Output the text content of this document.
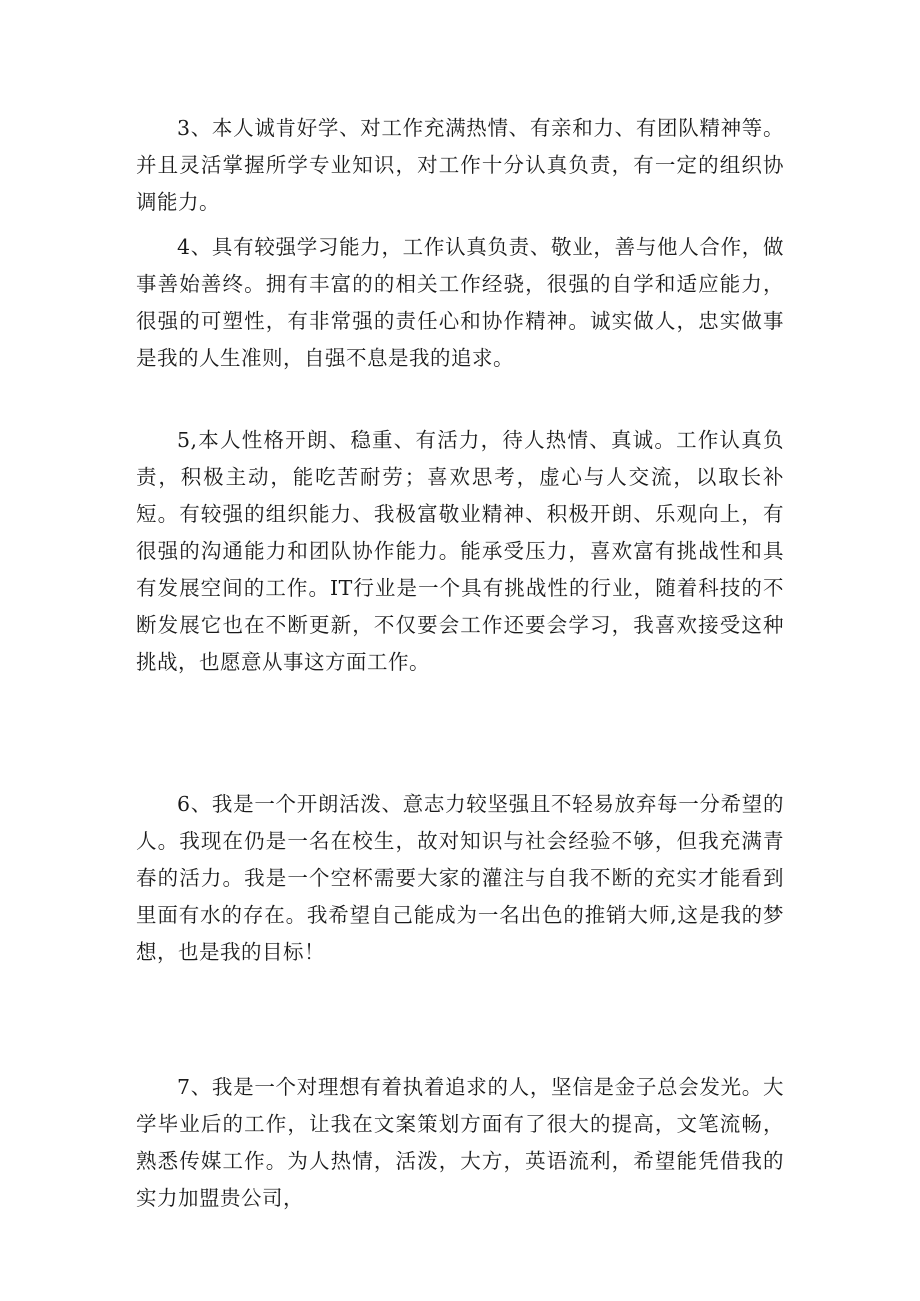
3、本人诚肯好学、对工作充满热情、有亲和力、有团队精神等。并且灵活掌握所学专业知识，对工作十分认真负责，有一定的组织协调能力。

4、具有较强学习能力，工作认真负责、敬业，善与他人合作，做事善始善终。拥有丰富的的相关工作经骁，很强的自学和适应能力，很强的可塑性，有非常强的责任心和协作精神。诚实做人，忠实做事是我的人生准则，自强不息是我的追求。

5,本人性格开朗、稳重、有活力，待人热情、真诚。工作认真负责，积极主动，能吃苦耐劳；喜欢思考，虚心与人交流，以取长补短。有较强的组织能力、我极富敬业精神、积极开朗、乐观向上，有很强的沟通能力和团队协作能力。能承受压力，喜欢富有挑战性和具有发展空间的工作。IT行业是一个具有挑战性的行业，随着科技的不断发展它也在不断更新，不仅要会工作还要会学习，我喜欢接受这种挑战，也愿意从事这方面工作。

6、我是一个开朗活泼、意志力较坚强且不轻易放弃每一分希望的人。我现在仍是一名在校生，故对知识与社会经验不够，但我充满青春的活力。我是一个空杯需要大家的灌注与自我不断的充实才能看到里面有水的存在。我希望自己能成为一名出色的推销大师,这是我的梦想，也是我的目标！

7、我是一个对理想有着执着追求的人，坚信是金子总会发光。大学毕业后的工作，让我在文案策划方面有了很大的提高，文笔流畅，熟悉传媒工作。为人热情，活泼，大方，英语流利，希望能凭借我的实力加盟贵公司，
